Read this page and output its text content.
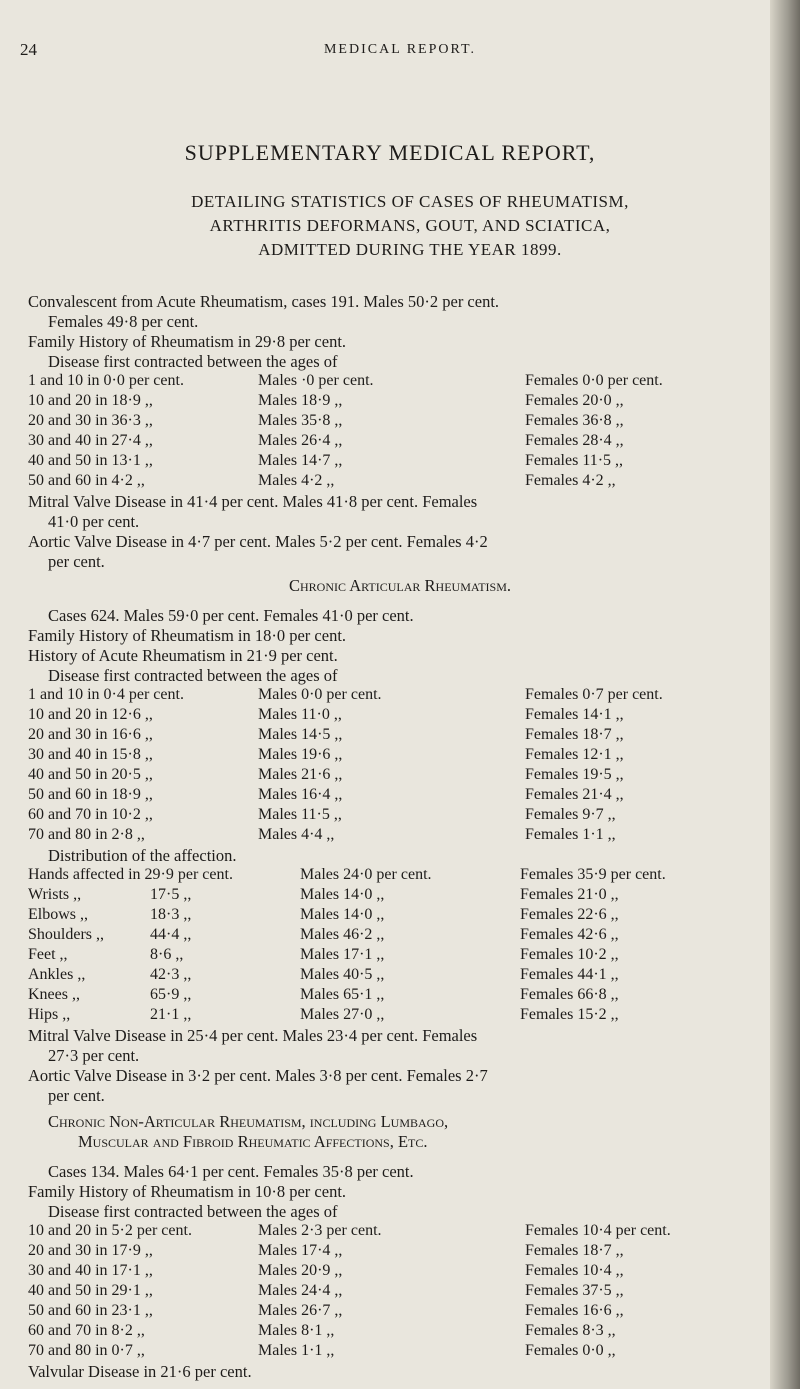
24	MEDICAL REPORT.
SUPPLEMENTARY MEDICAL REPORT,
DETAILING STATISTICS OF CASES OF RHEUMATISM,
ARTHRITIS DEFORMANS, GOUT, AND SCIATICA,
ADMITTED DURING THE YEAR 1899.
Convalescent from Acute Rheumatism, cases 191. Males 50·2 per cent.
Females 49·8 per cent.
Family History of Rheumatism in 29·8 per cent.
Disease first contracted between the ages of
1 and 10 in 0·0 per cent.	Males ·0 per cent.	Females 0·0 per cent.
10 and 20 in 18·9 ,,	Males 18·9 ,,	Females 20·0 ,,
20 and 30 in 36·3 ,,	Males 35·8 ,,	Females 36·8 ,,
30 and 40 in 27·4 ,,	Males 26·4 ,,	Females 28·4 ,,
40 and 50 in 13·1 ,,	Males 14·7 ,,	Females 11·5 ,,
50 and 60 in 4·2 ,,	Males 4·2 ,,	Females 4·2 ,,
Mitral Valve Disease in 41·4 per cent. Males 41·8 per cent. Females
41·0 per cent.
Aortic Valve Disease in 4·7 per cent. Males 5·2 per cent. Females 4·2
per cent.
Chronic Articular Rheumatism.
Cases 624. Males 59·0 per cent. Females 41·0 per cent.
Family History of Rheumatism in 18·0 per cent.
History of Acute Rheumatism in 21·9 per cent.
Disease first contracted between the ages of
1 and 10 in 0·4 per cent.	Males 0·0 per cent.	Females 0·7 per cent.
10 and 20 in 12·6 ,,	Males 11·0 ,,	Females 14·1 ,,
20 and 30 in 16·6 ,,	Males 14·5 ,,	Females 18·7 ,,
30 and 40 in 15·8 ,,	Males 19·6 ,,	Females 12·1 ,,
40 and 50 in 20·5 ,,	Males 21·6 ,,	Females 19·5 ,,
50 and 60 in 18·9 ,,	Males 16·4 ,,	Females 21·4 ,,
60 and 70 in 10·2 ,,	Males 11·5 ,,	Females 9·7 ,,
70 and 80 in 2·8 ,,	Males 4·4 ,,	Females 1·1 ,,
Distribution of the affection.
Hands affected in 29·9 per cent.	Males 24·0 per cent.	Females 35·9 per cent.
Wrists ,,	17·5 ,,	Males 14·0 ,,	Females 21·0 ,,
Elbows ,,	18·3 ,,	Males 14·0 ,,	Females 22·6 ,,
Shoulders ,,	44·4 ,,	Males 46·2 ,,	Females 42·6 ,,
Feet ,,	8·6 ,,	Males 17·1 ,,	Females 10·2 ,,
Ankles ,,	42·3 ,,	Males 40·5 ,,	Females 44·1 ,,
Knees ,,	65·9 ,,	Males 65·1 ,,	Females 66·8 ,,
Hips ,,	21·1 ,,	Males 27·0 ,,	Females 15·2 ,,
Mitral Valve Disease in 25·4 per cent. Males 23·4 per cent. Females
27·3 per cent.
Aortic Valve Disease in 3·2 per cent. Males 3·8 per cent. Females 2·7
per cent.
Chronic Non-Articular Rheumatism, including Lumbago,
Muscular and Fibroid Rheumatic Affections, Etc.
Cases 134. Males 64·1 per cent. Females 35·8 per cent.
Family History of Rheumatism in 10·8 per cent.
Disease first contracted between the ages of
10 and 20 in 5·2 per cent.	Males 2·3 per cent.	Females 10·4 per cent.
20 and 30 in 17·9 ,,	Males 17·4 ,,	Females 18·7 ,,
30 and 40 in 17·1 ,,	Males 20·9 ,,	Females 10·4 ,,
40 and 50 in 29·1 ,,	Males 24·4 ,,	Females 37·5 ,,
50 and 60 in 23·1 ,,	Males 26·7 ,,	Females 16·6 ,,
60 and 70 in 8·2 ,,	Males 8·1 ,,	Females 8·3 ,,
70 and 80 in 0·7 ,,	Males 1·1 ,,	Females 0·0 ,,
Valvular Disease in 21·6 per cent.
